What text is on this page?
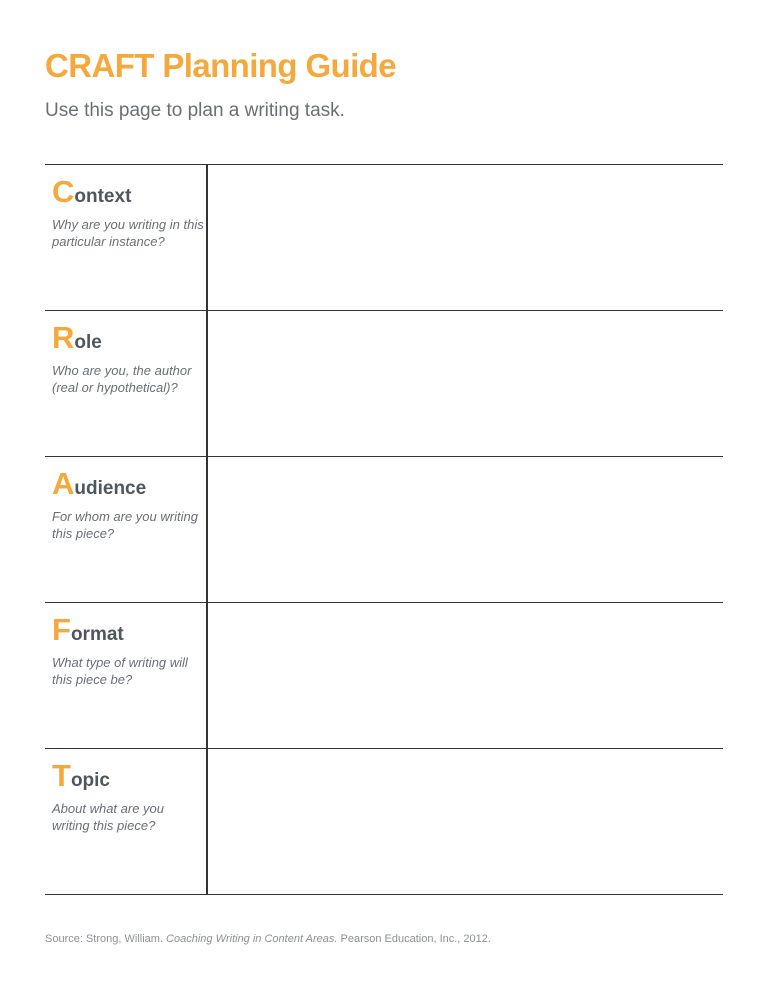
CRAFT Planning Guide

Use this page to plan a writing task.

Context

Why are you writing in this particular instance?

Role

Who are you, the author (real or hypothetical)?

Audience

For whom are you writing this piece?

Format

What type of writing will this piece be?

Topic

About what are you writing this piece?

Source: Strong, William. Coaching Writing in Content Areas. Pearson Education, Inc., 2012.
